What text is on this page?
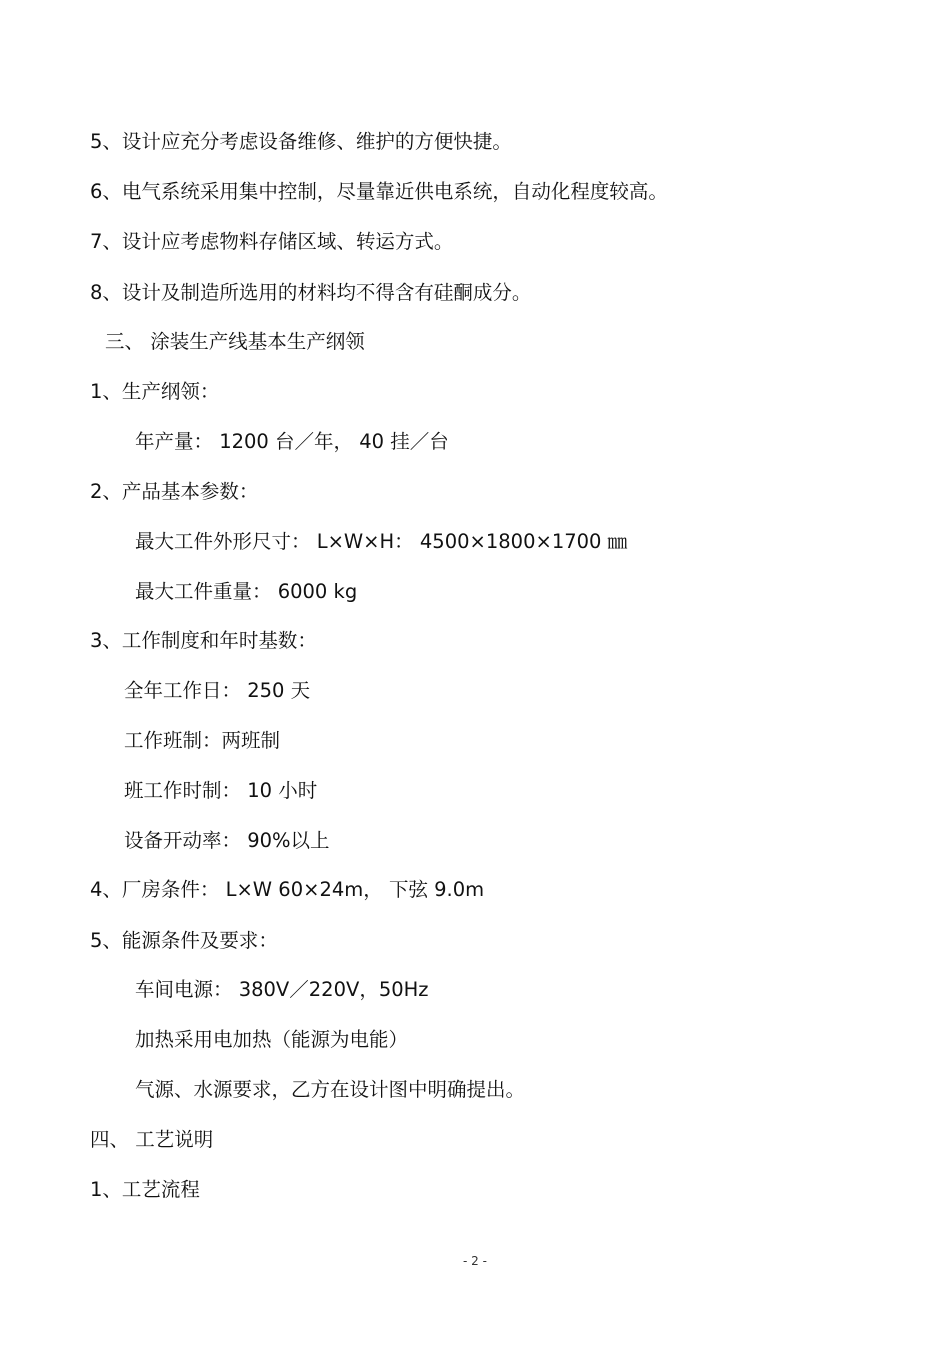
5、设计应充分考虑设备维修、维护的方便快捷。
6、电气系统采用集中控制，尽量靠近供电系统，自动化程度较高。
7、设计应考虑物料存储区域、转运方式。
8、设计及制造所选用的材料均不得含有硅酮成分。
三、 涂装生产线基本生产纲领
1、生产纲领：
年产量： 1200 台／年， 40 挂／台
2、产品基本参数：
最大工件外形尺寸： L×W×H： 4500×1800×1700 ㎜
最大工件重量： 6000 kg
3、工作制度和年时基数：
全年工作日： 250 天
工作班制：两班制
班工作时制： 10 小时
设备开动率： 90%以上
4、厂房条件： L×W 60×24m， 下弦 9.0m
5、能源条件及要求：
车间电源： 380V／220V，50Hz
加热采用电加热（能源为电能）
气源、水源要求，乙方在设计图中明确提出。
四、 工艺说明
1、工艺流程
- 2 -
